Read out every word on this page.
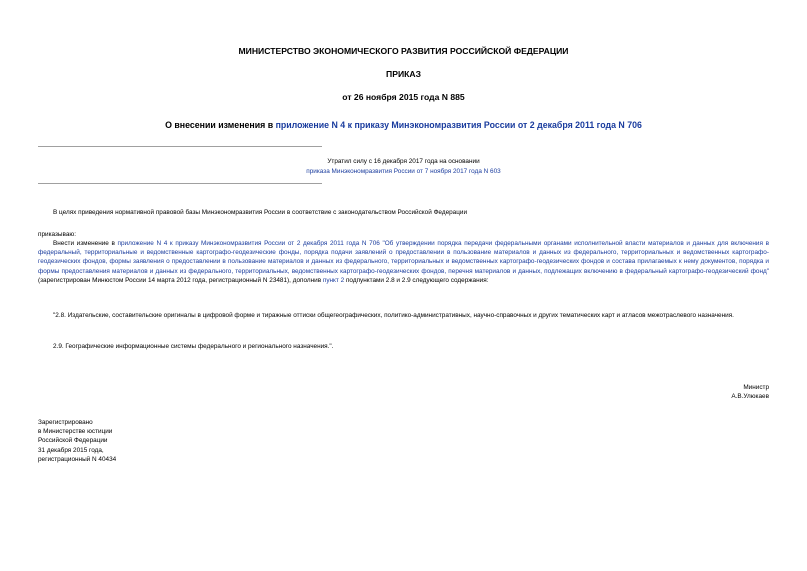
МИНИСТЕРСТВО ЭКОНОМИЧЕСКОГО РАЗВИТИЯ РОССИЙСКОЙ ФЕДЕРАЦИИ
ПРИКАЗ
от 26 ноября 2015 года N 885
О внесении изменения в приложение N 4 к приказу Минэкономразвития России от 2 декабря 2011 года N 706
Утратил силу с 16 декабря 2017 года на основании
приказа Минэкономразвития России от 7 ноября 2017 года N 603
В целях приведения нормативной правовой базы Минэкономразвития России в соответствие с законодательством Российской Федерации
приказываю:
Внести изменение в приложение N 4 к приказу Минэкономразвития России от 2 декабря 2011 года N 706 "Об утверждении порядка передачи федеральными органами исполнительной власти материалов и данных для включения в федеральный, территориальные и ведомственные картографо-геодезические фонды, порядка подачи заявлений о предоставлении в пользование материалов и данных из федерального, территориальных и ведомственных картографо-геодезических фондов, формы заявления о предоставлении в пользование материалов и данных из федерального, территориальных и ведомственных картографо-геодезических фондов и состава прилагаемых к нему документов, порядка и формы предоставления материалов и данных из федерального, территориальных, ведомственных картографо-геодезических фондов, перечня материалов и данных, подлежащих включению в федеральный картографо-геодезический фонд" (зарегистрирован Минюстом России 14 марта 2012 года, регистрационный N 23481), дополнив пункт 2 подпунктами 2.8 и 2.9 следующего содержания:
"2.8. Издательские, составительские оригиналы в цифровой форме и тиражные оттиски общегеографических, политико-административных, научно-справочных и других тематических карт и атласов межотраслевого назначения.
2.9. Географические информационные системы федерального и регионального назначения.".
Министр
А.В.Улюкаев
Зарегистрировано
в Министерстве юстиции
Российской Федерации
31 декабря 2015 года,
регистрационный N 40434
